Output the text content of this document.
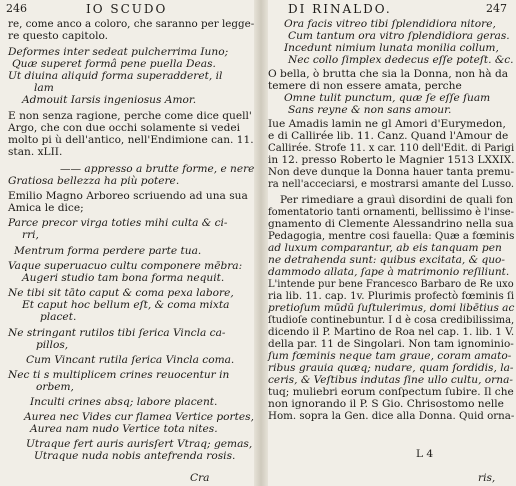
246	IO SCUDO
re, come anco a coloro, che saranno per legge-
re questo capitolo.
Deformes inter sedeat pulcherrima Iuno;
Quæ superet formâ pene puella Deas.
Ut diuina aliquid forma superadderet, il
lam
Admouit Iarsis ingeniosus Amor.
E non senza ragione, perche come dice quell'
Argo, che con due occhi solamente si vedei
molto pi ù dell'antico, nell'Endimione can. 11.
stan. xLII.
—— appresso a brutte forme, e nere
Gratiosa bellezza ha più potere.
Emilio Magno Arboreo scriuendo ad una sua
Amica le dice;
Parce precor virga toties mihi culta & ci-
rri,
Mentrum forma perdere parte tua.
Vaque superuacuo cultu componere mēbra:
Augeri studio tam bona forma nequit.
Ne tibi sit tāto caput & coma pexa labore,
Et caput hoc bellum eſt, & coma mixta
placet.
Ne stringant rutilos tibi ſerica Vincla ca-
pillos,
Cum Vincant rutila ſerica Vincla coma.
Nec ti s multiplicem crines reuocentur in
orbem,
Inculti crines absq; labore placent.
Aurea nec Vides cur flamea Vertice portes,
Aurea nam nudo Vertice tota nites.
Utraque fert auris aurisſert Vtraq; gemas,
Utraque nuda nobis antefrenda rosis.
Cra
DI RINALDO.	247
Ora facis vitreo tibi ſplendidiora nitore,
Cum tantum ora vitro ſplendidiora geras.
Incedunt nimium lunata monilia collum,
Nec collo ſimplex dedecus eſſe poteſt. &c.
O bella, ò brutta che sia la Donna, non hà da
temere di non essere amata, perche
Omne tulit punctum, quæ ſe eſſe ſuam
Sans reyne & non sans amour.
Iue Amadis lamin ne gl Amori d'Eurymedon,
e di Callirée lib. 11. Canz. Quand l'Amour de
Callirée. Strofe 11. x car. 110 dell'Edit. di Parigi
in 12. presso Roberto le Magnier 1513 LXXIX.
Non deve dunque la Donna hauer tanta premu-
ra nell'acceciarsi, e mostrarsi amante del Lusso.
Per rimediare a grauì disordini de quali fon
fomentatorio tanti ornamenti, bellissimo è l'inse-
gnamento di Clemente Alessandrino nella sua
Pedagogia, mentre cosi fauella: Quæ a fœminis
ad luxum comparantur, ab eis tanquam pen
ne detrahenda sunt: quibus excitata, & quo-
dammodo allata, ſape à matrimonio reſiliunt.
L'intende pur bene Francesco Barbaro de Re uxo
ria lib. 11. cap. 1v. Plurimis profectò fœminis ſi
pretioſum mūdū ſuſtulerimus, domi libētius ac
ſtudioſe continebuntur. I d è cosa credibilissima,
dicendo il P. Martino de Roa nel cap. 1. lib. 1 V.
della par. 11 de Singolari. Non tam ignominio-
ſum fœminis neque tam graue, coram amato-
ribus grauia quæq; nudare, quam ſordidis, la-
ceris, & Veſtibus indutas ſine ullo cultu, orna-
tuq; muliebri eorum conſpectum ſubire. Il che
non ignorando il P. S Gio. Chrisostomo nelle
Hom. sopra la Gen. dice alla Donna. Quid orna-
L 4
ris,
